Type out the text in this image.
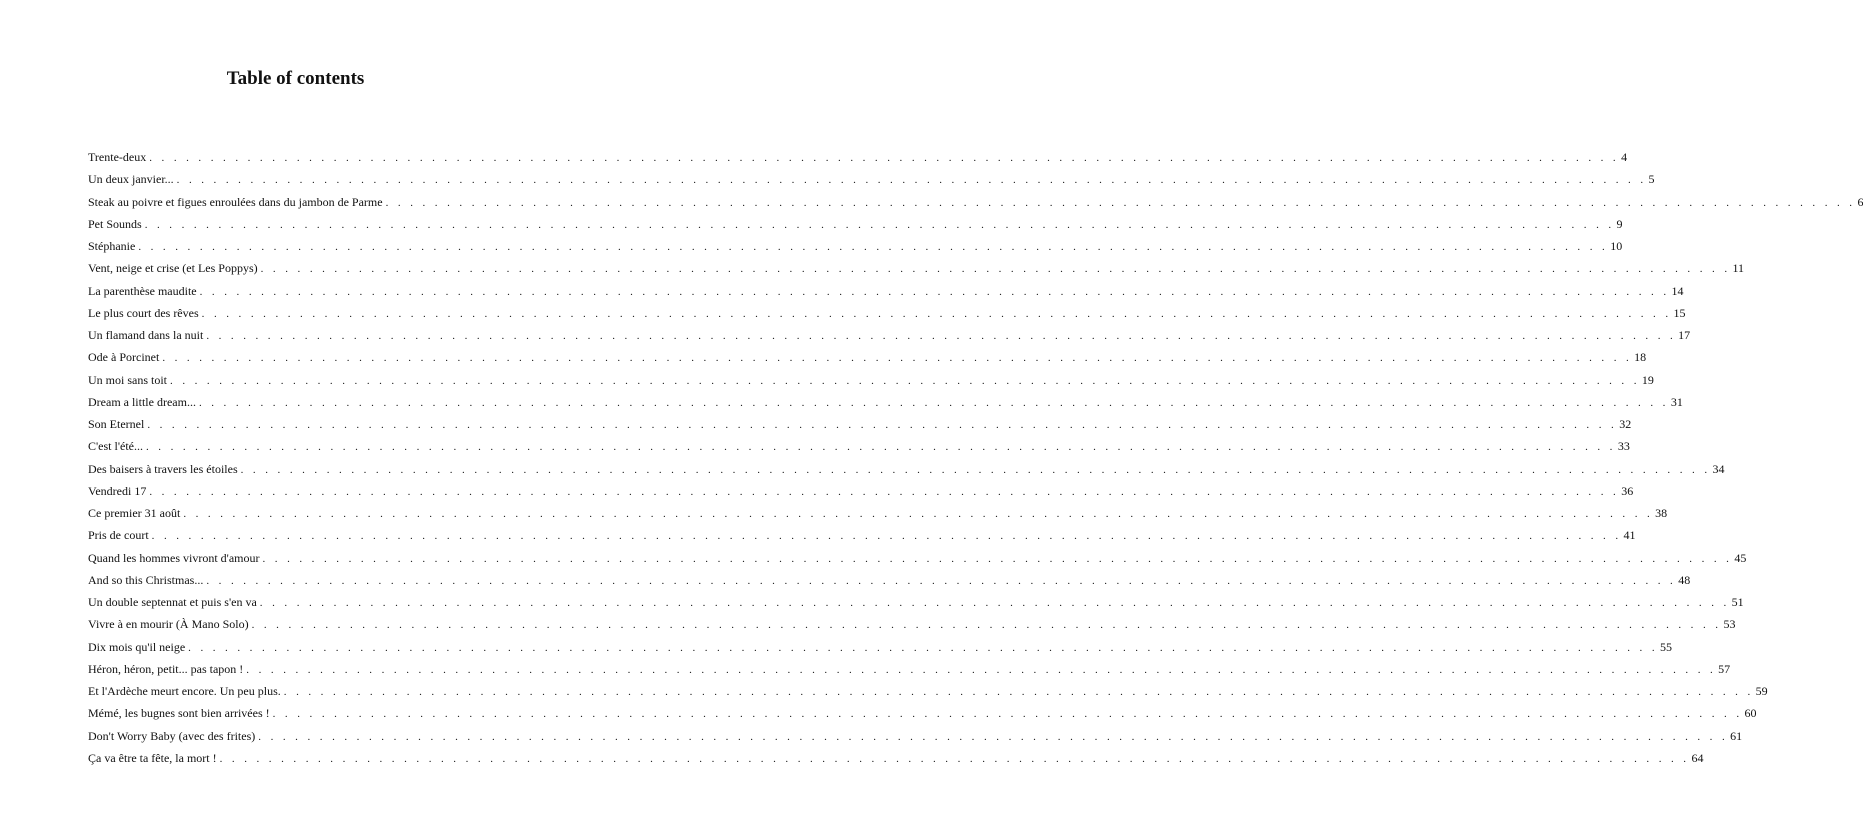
Table of contents
Trente-deux . . . . . . . . . . . . . . . . . . . . . . . . . . . . . . . . . . . . . . . . . . . . . . . . . . . . . . . . . . . . . . . . . . . . . . . . . . . . . . . . . . . . . . . . . . . . . . . . . . . . . . . . . . . . . . . . . . . . . . . . 4
Un deux janvier... . . . . . . . . . . . . . . . . . . . . . . . . . . . . . . . . . . . . . . . . . . . . . . . . . . . . . . . . . . . . . . . . . . . . . . . . . . . . . . . . . . . . . . . . . . . . . . . . . . . . . . . . . . . . . . . . . . . . . . . . 5
Steak au poivre et figues enroulées dans du jambon de Parme . . . . . . . . . . . . . . . . . . . . . . . . . . . . . . . . . . . . . . . . . . . . . . . . . . . . . . . . . . . . . . . . . . . . . . . . . . . . . . . . . . . . . . . . . . . . . . . . . . . . . . . . . . . . . . . . . . . . . . . . 6
Pet Sounds . . . . . . . . . . . . . . . . . . . . . . . . . . . . . . . . . . . . . . . . . . . . . . . . . . . . . . . . . . . . . . . . . . . . . . . . . . . . . . . . . . . . . . . . . . . . . . . . . . . . . . . . . . . . . . . . . . . . . . . . 9
Stéphanie . . . . . . . . . . . . . . . . . . . . . . . . . . . . . . . . . . . . . . . . . . . . . . . . . . . . . . . . . . . . . . . . . . . . . . . . . . . . . . . . . . . . . . . . . . . . . . . . . . . . . . . . . . . . . . . . . . . . . . . . 10
Vent, neige et crise (et Les Poppys) . . . . . . . . . . . . . . . . . . . . . . . . . . . . . . . . . . . . . . . . . . . . . . . . . . . . . . . . . . . . . . . . . . . . . . . . . . . . . . . . . . . . . . . . . . . . . . . . . . . . . . . . . . . . . . . . . . . . . . . . 11
La parenthèse maudite . . . . . . . . . . . . . . . . . . . . . . . . . . . . . . . . . . . . . . . . . . . . . . . . . . . . . . . . . . . . . . . . . . . . . . . . . . . . . . . . . . . . . . . . . . . . . . . . . . . . . . . . . . . . . . . . . . . . . . . . 14
Le plus court des rêves . . . . . . . . . . . . . . . . . . . . . . . . . . . . . . . . . . . . . . . . . . . . . . . . . . . . . . . . . . . . . . . . . . . . . . . . . . . . . . . . . . . . . . . . . . . . . . . . . . . . . . . . . . . . . . . . . . . . . . . . 15
Un flamand dans la nuit . . . . . . . . . . . . . . . . . . . . . . . . . . . . . . . . . . . . . . . . . . . . . . . . . . . . . . . . . . . . . . . . . . . . . . . . . . . . . . . . . . . . . . . . . . . . . . . . . . . . . . . . . . . . . . . . . . . . . . . . 17
Ode à Porcinet . . . . . . . . . . . . . . . . . . . . . . . . . . . . . . . . . . . . . . . . . . . . . . . . . . . . . . . . . . . . . . . . . . . . . . . . . . . . . . . . . . . . . . . . . . . . . . . . . . . . . . . . . . . . . . . . . . . . . . . . 18
Un moi sans toit . . . . . . . . . . . . . . . . . . . . . . . . . . . . . . . . . . . . . . . . . . . . . . . . . . . . . . . . . . . . . . . . . . . . . . . . . . . . . . . . . . . . . . . . . . . . . . . . . . . . . . . . . . . . . . . . . . . . . . . . 19
Dream a little dream... . . . . . . . . . . . . . . . . . . . . . . . . . . . . . . . . . . . . . . . . . . . . . . . . . . . . . . . . . . . . . . . . . . . . . . . . . . . . . . . . . . . . . . . . . . . . . . . . . . . . . . . . . . . . . . . . . . . . . . . . 31
Son Eternel . . . . . . . . . . . . . . . . . . . . . . . . . . . . . . . . . . . . . . . . . . . . . . . . . . . . . . . . . . . . . . . . . . . . . . . . . . . . . . . . . . . . . . . . . . . . . . . . . . . . . . . . . . . . . . . . . . . . . . . . 32
C'est l'été... . . . . . . . . . . . . . . . . . . . . . . . . . . . . . . . . . . . . . . . . . . . . . . . . . . . . . . . . . . . . . . . . . . . . . . . . . . . . . . . . . . . . . . . . . . . . . . . . . . . . . . . . . . . . . . . . . . . . . . . . 33
Des baisers à travers les étoiles . . . . . . . . . . . . . . . . . . . . . . . . . . . . . . . . . . . . . . . . . . . . . . . . . . . . . . . . . . . . . . . . . . . . . . . . . . . . . . . . . . . . . . . . . . . . . . . . . . . . . . . . . . . . . . . . . . . . . . . . 34
Vendredi 17 . . . . . . . . . . . . . . . . . . . . . . . . . . . . . . . . . . . . . . . . . . . . . . . . . . . . . . . . . . . . . . . . . . . . . . . . . . . . . . . . . . . . . . . . . . . . . . . . . . . . . . . . . . . . . . . . . . . . . . . . 36
Ce premier 31 août . . . . . . . . . . . . . . . . . . . . . . . . . . . . . . . . . . . . . . . . . . . . . . . . . . . . . . . . . . . . . . . . . . . . . . . . . . . . . . . . . . . . . . . . . . . . . . . . . . . . . . . . . . . . . . . . . . . . . . . . 38
Pris de court . . . . . . . . . . . . . . . . . . . . . . . . . . . . . . . . . . . . . . . . . . . . . . . . . . . . . . . . . . . . . . . . . . . . . . . . . . . . . . . . . . . . . . . . . . . . . . . . . . . . . . . . . . . . . . . . . . . . . . . . 41
Quand les hommes vivront d'amour . . . . . . . . . . . . . . . . . . . . . . . . . . . . . . . . . . . . . . . . . . . . . . . . . . . . . . . . . . . . . . . . . . . . . . . . . . . . . . . . . . . . . . . . . . . . . . . . . . . . . . . . . . . . . . . . . . . . . . . . 45
And so this Christmas... . . . . . . . . . . . . . . . . . . . . . . . . . . . . . . . . . . . . . . . . . . . . . . . . . . . . . . . . . . . . . . . . . . . . . . . . . . . . . . . . . . . . . . . . . . . . . . . . . . . . . . . . . . . . . . . . . . . . . . . . 48
Un double septennat et puis s'en va . . . . . . . . . . . . . . . . . . . . . . . . . . . . . . . . . . . . . . . . . . . . . . . . . . . . . . . . . . . . . . . . . . . . . . . . . . . . . . . . . . . . . . . . . . . . . . . . . . . . . . . . . . . . . . . . . . . . . . . . 51
Vivre à en mourir (À Mano Solo) . . . . . . . . . . . . . . . . . . . . . . . . . . . . . . . . . . . . . . . . . . . . . . . . . . . . . . . . . . . . . . . . . . . . . . . . . . . . . . . . . . . . . . . . . . . . . . . . . . . . . . . . . . . . . . . . . . . . . . . . 53
Dix mois qu'il neige . . . . . . . . . . . . . . . . . . . . . . . . . . . . . . . . . . . . . . . . . . . . . . . . . . . . . . . . . . . . . . . . . . . . . . . . . . . . . . . . . . . . . . . . . . . . . . . . . . . . . . . . . . . . . . . . . . . . . . . . 55
Héron, héron, petit... pas tapon ! . . . . . . . . . . . . . . . . . . . . . . . . . . . . . . . . . . . . . . . . . . . . . . . . . . . . . . . . . . . . . . . . . . . . . . . . . . . . . . . . . . . . . . . . . . . . . . . . . . . . . . . . . . . . . . . . . . . . . . . . 57
Et l'Ardèche meurt encore. Un peu plus. . . . . . . . . . . . . . . . . . . . . . . . . . . . . . . . . . . . . . . . . . . . . . . . . . . . . . . . . . . . . . . . . . . . . . . . . . . . . . . . . . . . . . . . . . . . . . . . . . . . . . . . . . . . . . . . . . . . . . . . . 59
Mémé, les bugnes sont bien arrivées ! . . . . . . . . . . . . . . . . . . . . . . . . . . . . . . . . . . . . . . . . . . . . . . . . . . . . . . . . . . . . . . . . . . . . . . . . . . . . . . . . . . . . . . . . . . . . . . . . . . . . . . . . . . . . . . . . . . . . . . . . 60
Don't Worry Baby (avec des frites) . . . . . . . . . . . . . . . . . . . . . . . . . . . . . . . . . . . . . . . . . . . . . . . . . . . . . . . . . . . . . . . . . . . . . . . . . . . . . . . . . . . . . . . . . . . . . . . . . . . . . . . . . . . . . . . . . . . . . . . . 61
Ça va être ta fête, la mort ! . . . . . . . . . . . . . . . . . . . . . . . . . . . . . . . . . . . . . . . . . . . . . . . . . . . . . . . . . . . . . . . . . . . . . . . . . . . . . . . . . . . . . . . . . . . . . . . . . . . . . . . . . . . . . . . . . . . . . . . . 64
